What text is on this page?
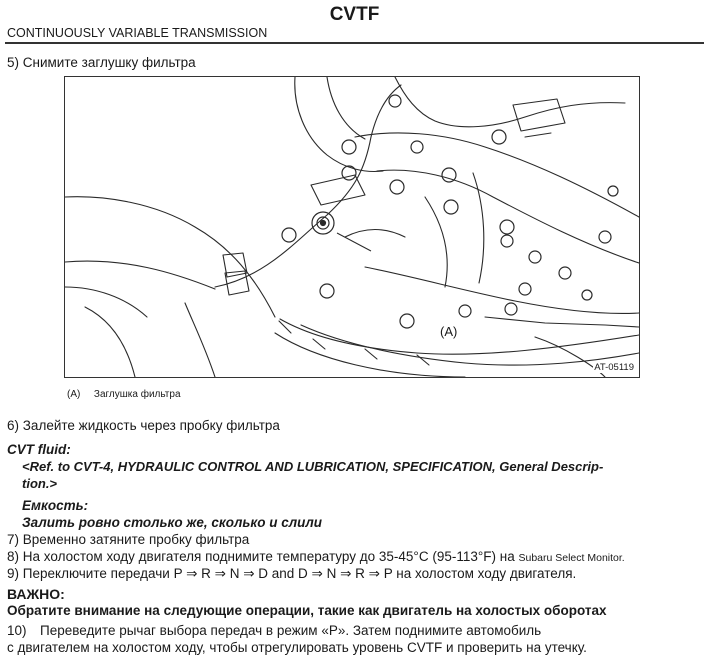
CVTF
CONTINUOUSLY VARIABLE TRANSMISSION
5) Снимите заглушку фильтра
(A)
AT-05119
(A) Заглушка фильтра
6) Залейте жидкость через пробку фильтра
CVT fluid:
<Ref. to CVT-4, HYDRAULIC CONTROL AND LUBRICATION, SPECIFICATION, General Descrip-
tion.>
Емкость:
Залить ровно столько же, сколько и слили
7) Временно затяните пробку фильтра
8) На холостом ходу двигателя поднимите температуру до 35-45°C (95-113°F) на Subaru Select Monitor.
9) Переключите передачи P ⇒ R ⇒ N ⇒ D and D ⇒ N ⇒ R ⇒ P на холостом ходу двигателя.
ВАЖНО:
Обратите внимание на следующие операции, такие как двигатель на холостых оборотах
10) Переведите рычаг выбора передач в режим «P». Затем поднимите автомобиль
с двигателем на холостом ходу, чтобы отрегулировать уровень CVTF и проверить на утечку.
